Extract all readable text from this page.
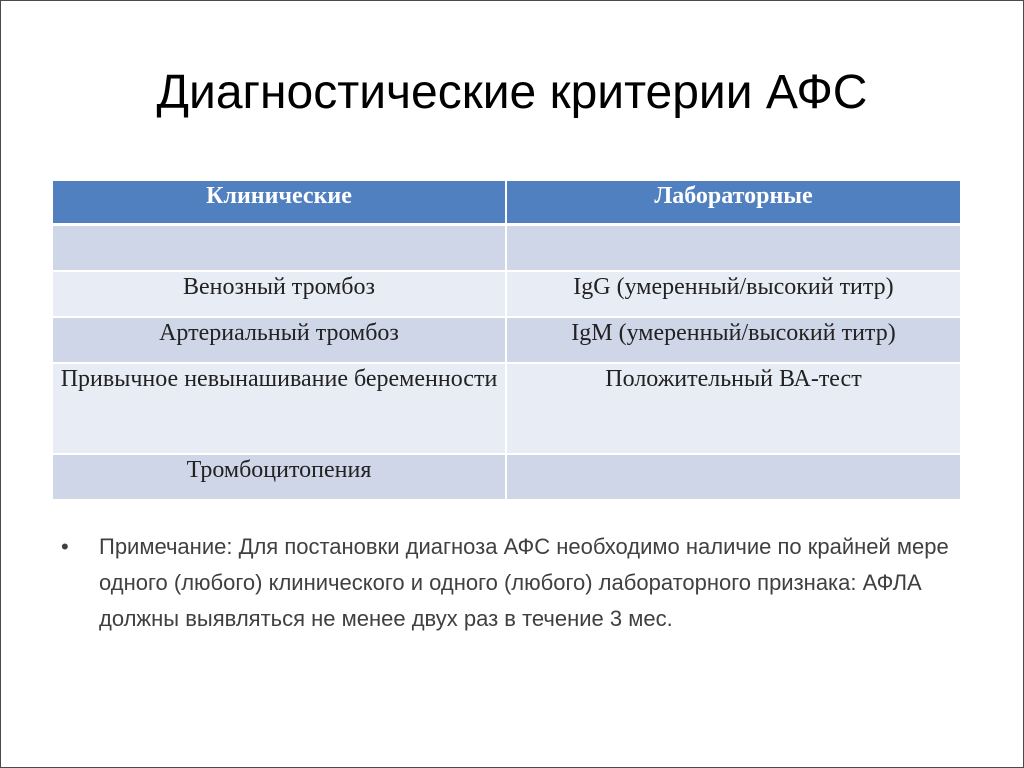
Диагностические критерии АФС
Клинические	Лабораторные

Венозный тромбоз	IgG (умеренный/высокий титр)

Артериальный тромбоз	IgM (умеренный/высокий титр)

Привычное невынашивание беременности	Положительный ВА-тест

Тромбоцитопения	

•	Примечание: Для постановки диагноза АФС необходимо наличие по крайней мере одного (любого) клинического и одного (любого) лабораторного признака: АФЛА должны выявляться не менее двух раз в течение 3 мес.
